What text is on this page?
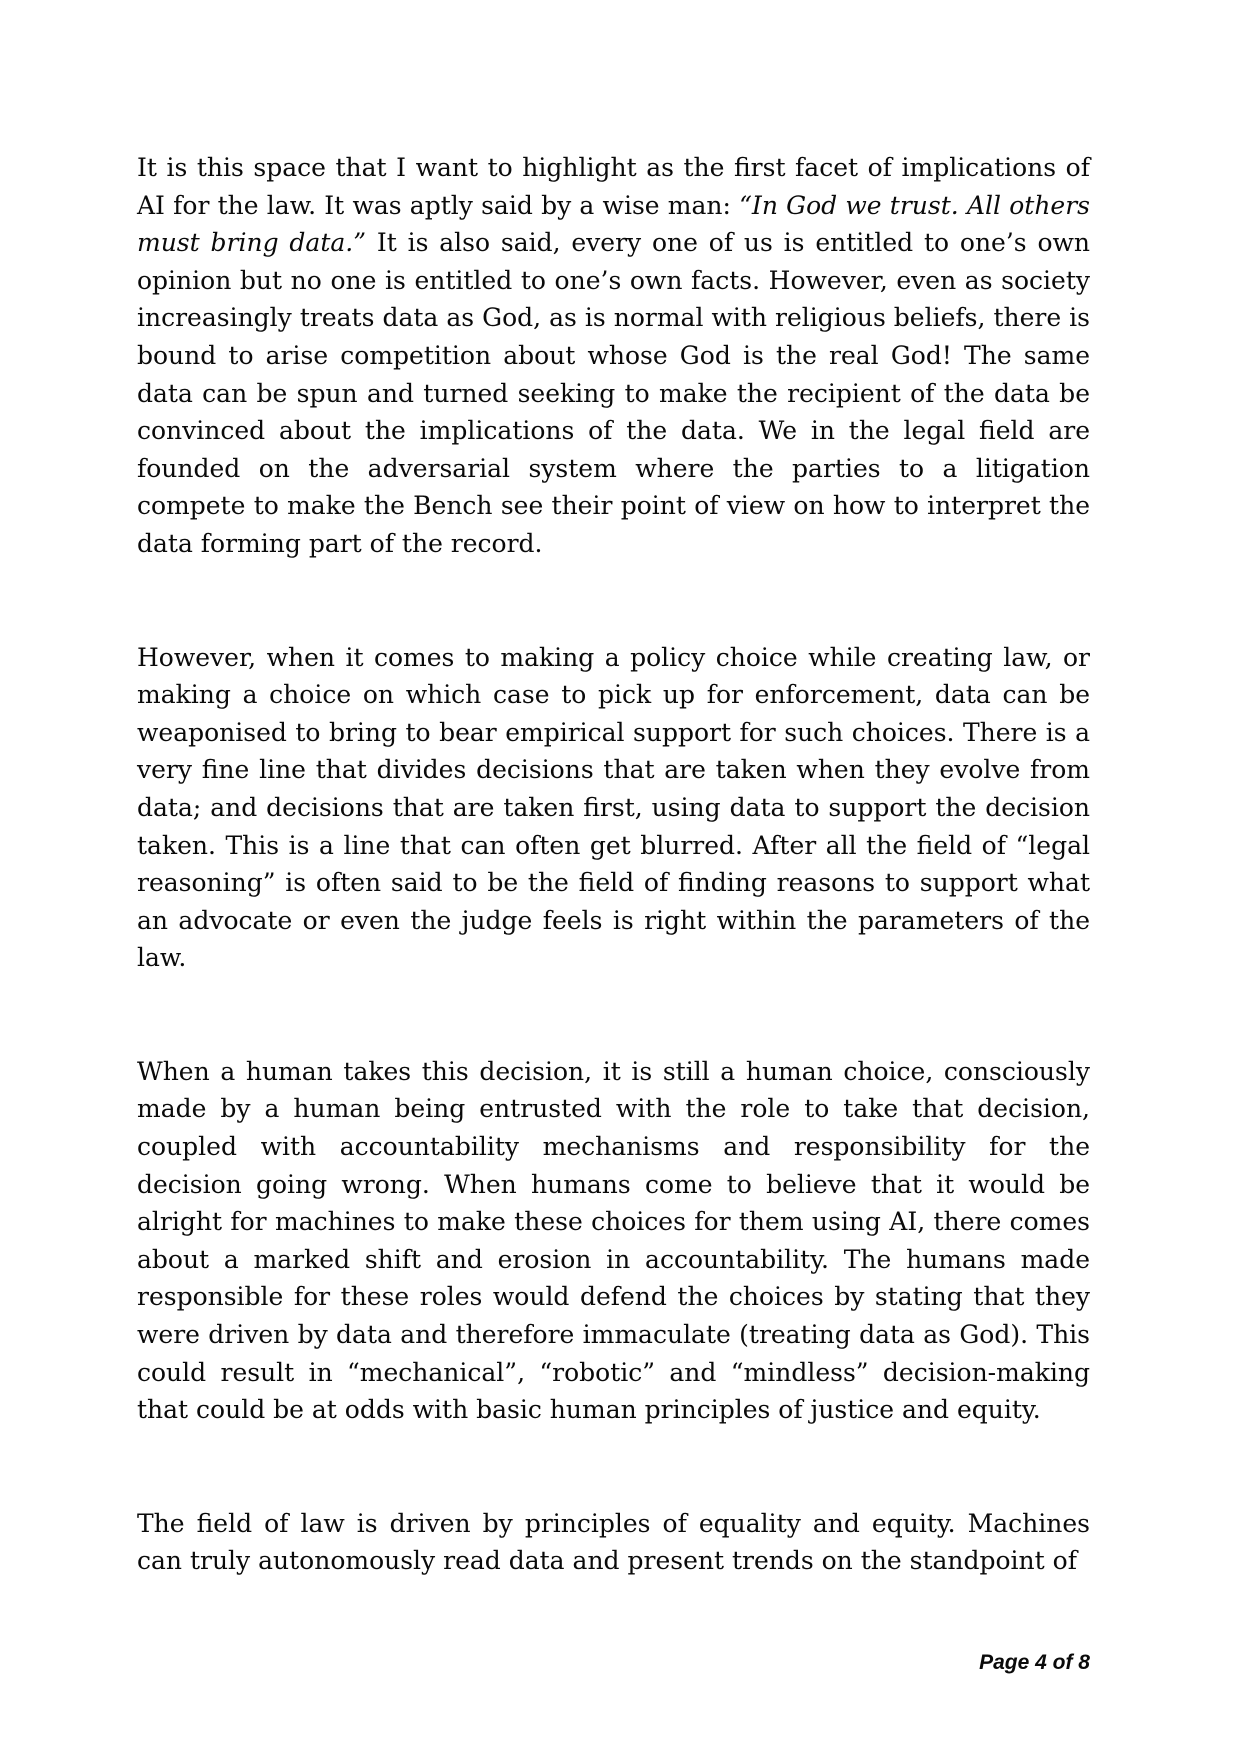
It is this space that I want to highlight as the first facet of implications of AI for the law. It was aptly said by a wise man: “In God we trust. All others must bring data.” It is also said, every one of us is entitled to one’s own opinion but no one is entitled to one’s own facts. However, even as society increasingly treats data as God, as is normal with religious beliefs, there is bound to arise competition about whose God is the real God! The same data can be spun and turned seeking to make the recipient of the data be convinced about the implications of the data. We in the legal field are founded on the adversarial system where the parties to a litigation compete to make the Bench see their point of view on how to interpret the data forming part of the record.

However, when it comes to making a policy choice while creating law, or making a choice on which case to pick up for enforcement, data can be weaponised to bring to bear empirical support for such choices. There is a very fine line that divides decisions that are taken when they evolve from data; and decisions that are taken first, using data to support the decision taken. This is a line that can often get blurred. After all the field of “legal reasoning” is often said to be the field of finding reasons to support what an advocate or even the judge feels is right within the parameters of the law.

When a human takes this decision, it is still a human choice, consciously made by a human being entrusted with the role to take that decision, coupled with accountability mechanisms and responsibility for the decision going wrong. When humans come to believe that it would be alright for machines to make these choices for them using AI, there comes about a marked shift and erosion in accountability. The humans made responsible for these roles would defend the choices by stating that they were driven by data and therefore immaculate (treating data as God). This could result in “mechanical”, “robotic” and “mindless” decision-making that could be at odds with basic human principles of justice and equity.

The field of law is driven by principles of equality and equity. Machines can truly autonomously read data and present trends on the standpoint of

Page 4 of 8
